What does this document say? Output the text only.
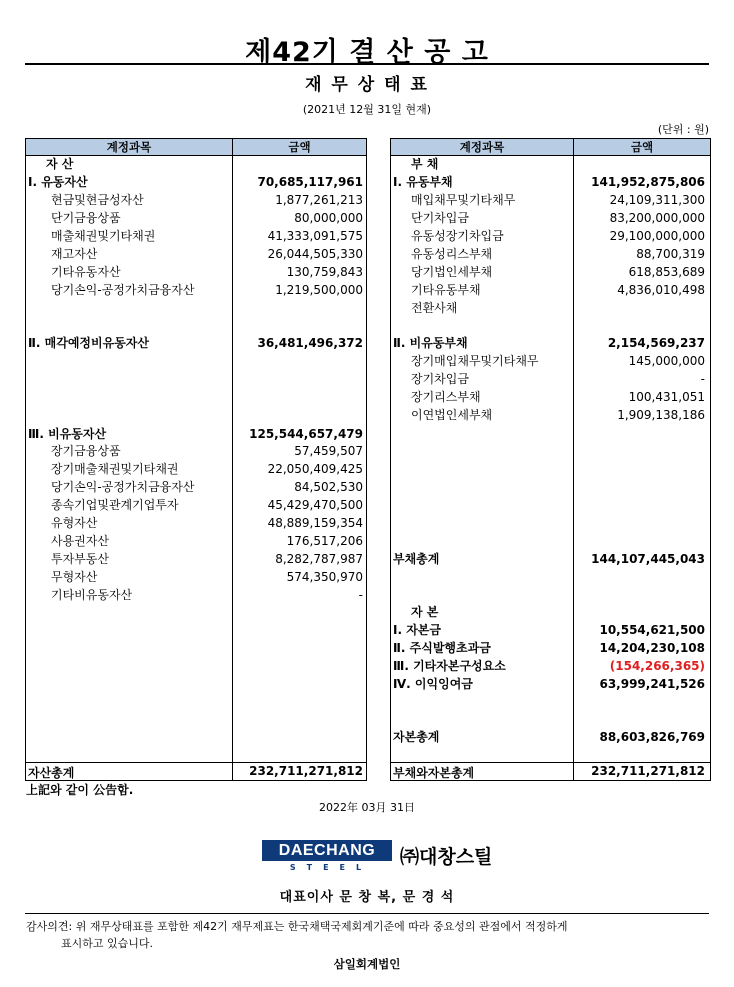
제42기 결 산 공 고
재 무 상 태 표
(2021년 12월 31일 현재)
(단위 : 원)
계정과목	금액
자 산
Ⅰ. 유동자산	70,685,117,961
현금및현금성자산	1,877,261,213
단기금융상품	80,000,000
매출채권및기타채권	41,333,091,575
재고자산	26,044,505,330
기타유동자산	130,759,843
당기손익-공정가치금융자산	1,219,500,000
Ⅱ. 매각예정비유동자산	36,481,496,372
Ⅲ. 비유동자산	125,544,657,479
장기금융상품	57,459,507
장기매출채권및기타채권	22,050,409,425
당기손익-공정가치금융자산	84,502,530
종속기업및관계기업투자	45,429,470,500
유형자산	48,889,159,354
사용권자산	176,517,206
투자부동산	8,282,787,987
무형자산	574,350,970
기타비유동자산	-
자산총계	232,711,271,812
계정과목	금액
부 채
Ⅰ. 유동부채	141,952,875,806
매입채무및기타채무	24,109,311,300
단기차입금	83,200,000,000
유동성장기차입금	29,100,000,000
유동성리스부채	88,700,319
당기법인세부채	618,853,689
기타유동부채	4,836,010,498
전환사채
Ⅱ. 비유동부채	2,154,569,237
장기매입채무및기타채무	145,000,000
장기차입금	-
장기리스부채	100,431,051
이연법인세부채	1,909,138,186
부채총계	144,107,445,043
자 본
Ⅰ. 자본금	10,554,621,500
Ⅱ. 주식발행초과금	14,204,230,108
Ⅲ. 기타자본구성요소	(154,266,365)
Ⅳ. 이익잉여금	63,999,241,526
자본총계	88,603,826,769
부채와자본총계	232,711,271,812
上記와 같이 公告함.
2022年 03月 31日
DAECHANG
STEEL	㈜대창스틸
대표이사 문 창 복, 문 경 석
감사의견: 위 재무상태표를 포함한 제42기 재무제표는 한국채택국제회계기준에 따라 중요성의 관점에서 적정하게
표시하고 있습니다.
삼일회계법인
